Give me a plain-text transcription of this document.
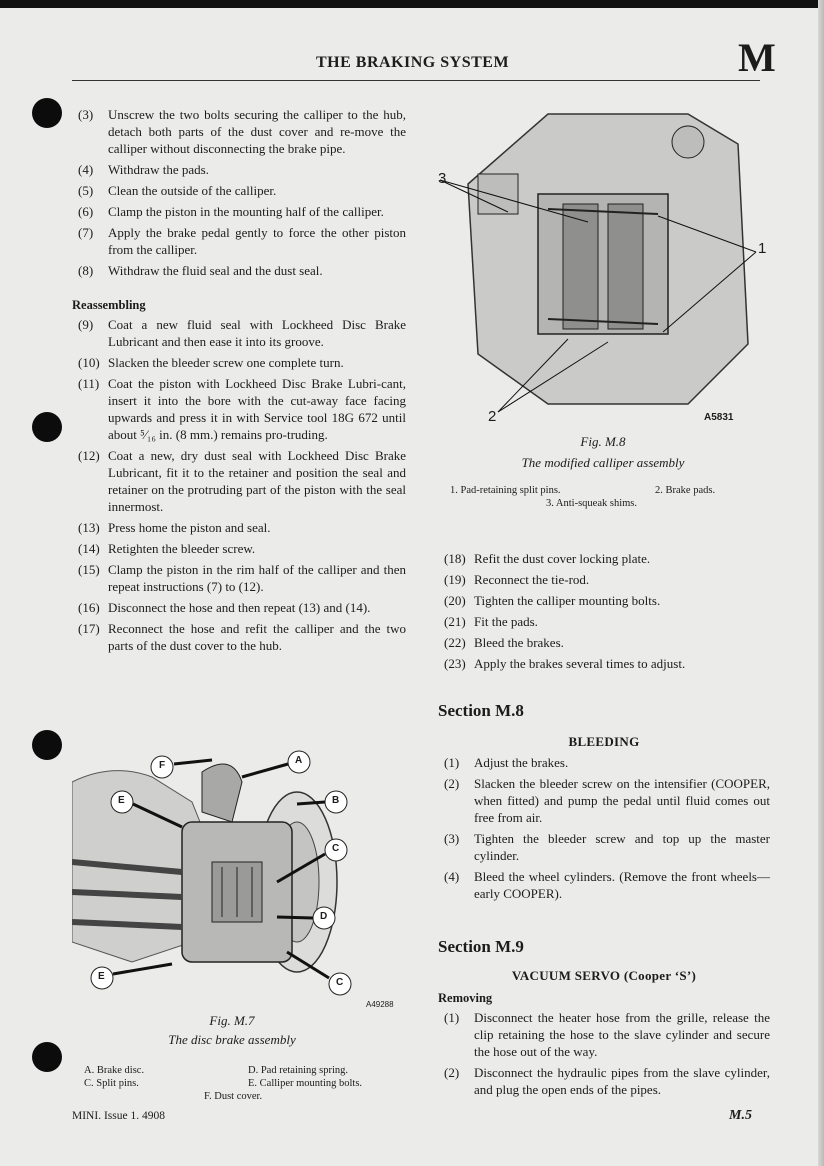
THE BRAKING SYSTEM	M
(3) Unscrew the two bolts securing the calliper to the hub, detach both parts of the dust cover and re-move the calliper without disconnecting the brake pipe.
(4) Withdraw the pads.
(5) Clean the outside of the calliper.
(6) Clamp the piston in the mounting half of the calliper.
(7) Apply the brake pedal gently to force the other piston from the calliper.
(8) Withdraw the fluid seal and the dust seal.
Reassembling
(9) Coat a new fluid seal with Lockheed Disc Brake Lubricant and then ease it into its groove.
(10) Slacken the bleeder screw one complete turn.
(11) Coat the piston with Lockheed Disc Brake Lubri-cant, insert it into the bore with the cut-away face facing upwards and press it in with Service tool 18G 672 until about ⁵⁄₁₆ in. (8 mm.) remains pro-truding.
(12) Coat a new, dry dust seal with Lockheed Disc Brake Lubricant, fit it to the retainer and position the seal and retainer on the protruding part of the piston with the seal innermost.
(13) Press home the piston and seal.
(14) Retighten the bleeder screw.
(15) Clamp the piston in the rim half of the calliper and then repeat instructions (7) to (12).
(16) Disconnect the hose and then repeat (13) and (14).
(17) Reconnect the hose and refit the calliper and the two parts of the dust cover to the hub.
F	A
B
E
C
D
E
C
A49288
Fig. M.7
The disc brake assembly
A. Brake disc.
C. Split pins.
D. Pad retaining spring.
E. Calliper mounting bolts.
F. Dust cover.
3
1
2	A5831
Fig. M.8
The modified calliper assembly
1. Pad-retaining split pins.	2. Brake pads.
3. Anti-squeak shims.
(18) Refit the dust cover locking plate.
(19) Reconnect the tie-rod.
(20) Tighten the calliper mounting bolts.
(21) Fit the pads.
(22) Bleed the brakes.
(23) Apply the brakes several times to adjust.
Section M.8
BLEEDING
(1) Adjust the brakes.
(2) Slacken the bleeder screw on the intensifier (COOPER, when fitted) and pump the pedal until fluid comes out free from air.
(3) Tighten the bleeder screw and top up the master cylinder.
(4) Bleed the wheel cylinders. (Remove the front wheels—early COOPER).
Section M.9
VACUUM SERVO (Cooper ‘S’)
Removing
(1) Disconnect the heater hose from the grille, release the clip retaining the hose to the slave cylinder and secure the hose out of the way.
(2) Disconnect the hydraulic pipes from the slave cylinder, and plug the open ends of the pipes.
MINI. Issue 1. 4908	M.5
